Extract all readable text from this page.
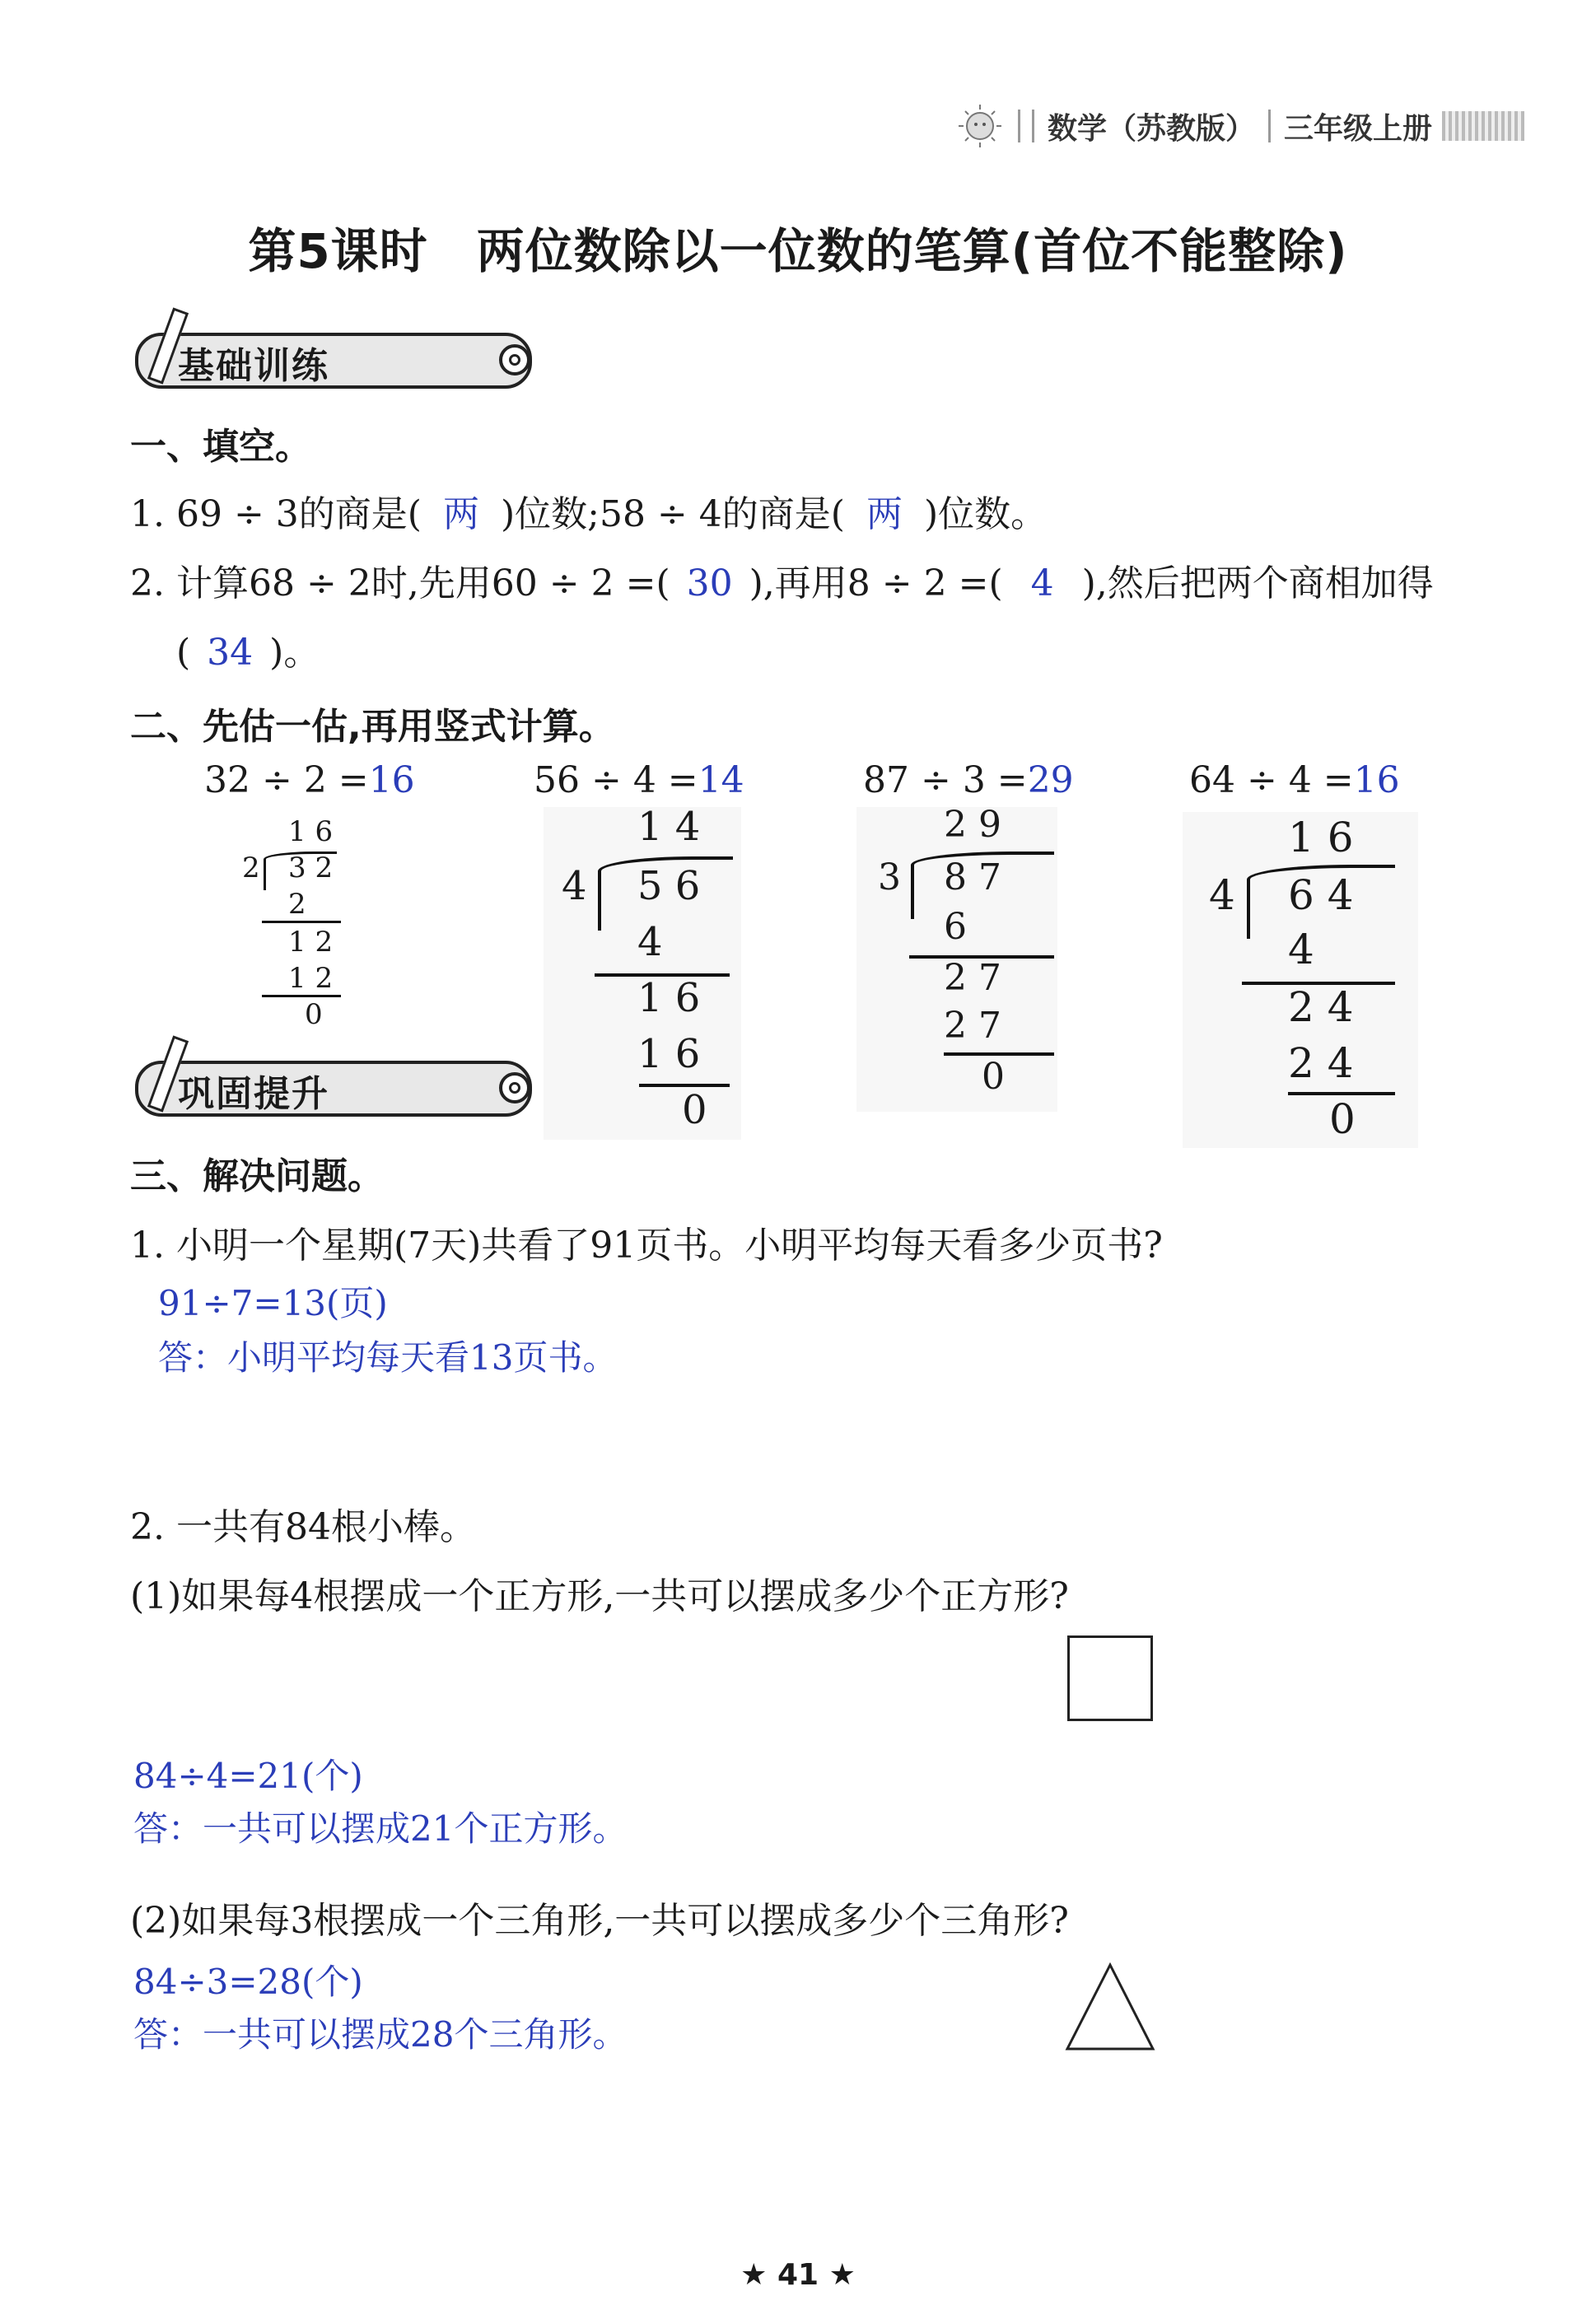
数学（苏教版） 三年级上册
第5课时　两位数除以一位数的笔算(首位不能整除)
基础训练
一、填空。
1. 69 ÷ 3的商是( 两 )位数;58 ÷ 4的商是( 两 )位数。
2. 计算68 ÷ 2时,先用60 ÷ 2 =( 30 ),再用8 ÷ 2 =( 4 ),然后把两个商相加得
( 34 )。
二、先估一估,再用竖式计算。
32 ÷ 2 =16	56 ÷ 4 =14	87 ÷ 3 =29	64 ÷ 4 =16
1 6
2 3 2
2
1 2
1 2
0
1 4
4 5 6
4
1 6
1 6
0
2 9
3 8 7
6
2 7
2 7
0
1 6
4 6 4
4
2 4
2 4
0
巩固提升
三、解决问题。
1. 小明一个星期(7天)共看了91页书。小明平均每天看多少页书?
91÷7=13(页)
答：小明平均每天看13页书。
2. 一共有84根小棒。
(1)如果每4根摆成一个正方形,一共可以摆成多少个正方形?
84÷4=21(个)
答：一共可以摆成21个正方形。
(2)如果每3根摆成一个三角形,一共可以摆成多少个三角形?
84÷3=28(个)
答：一共可以摆成28个三角形。
★ 41 ★
